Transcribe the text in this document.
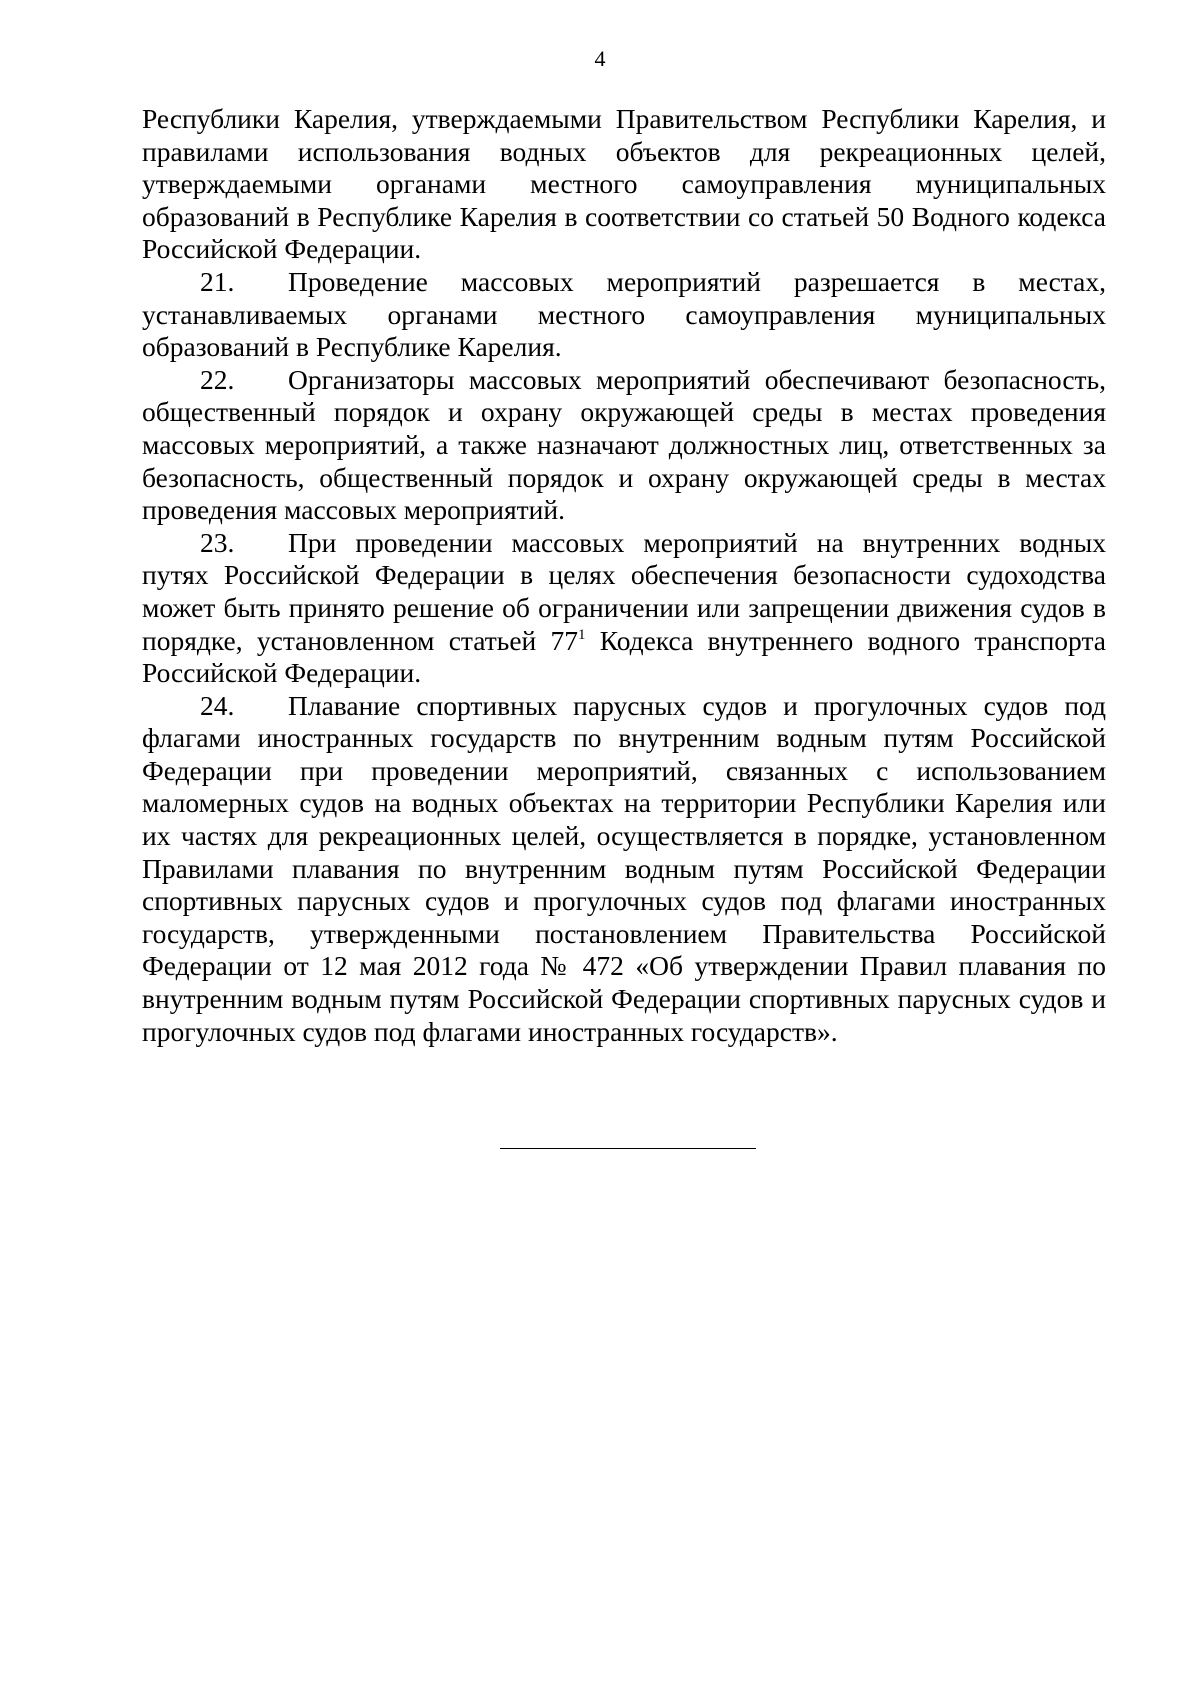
4

Республики Карелия, утверждаемыми Правительством Республики Карелия, и правилами использования водных объектов для рекреационных целей, утверждаемыми органами местного самоуправления муниципальных образований в Республике Карелия в соответствии со статьей 50 Водного кодекса Российской Федерации.

21. Проведение массовых мероприятий разрешается в местах, устанавливаемых органами местного самоуправления муниципальных образований в Республике Карелия.

22. Организаторы массовых мероприятий обеспечивают безопасность, общественный порядок и охрану окружающей среды в местах проведения массовых мероприятий, а также назначают должностных лиц, ответственных за безопасность, общественный порядок и охрану окружающей среды в местах проведения массовых мероприятий.

23. При проведении массовых мероприятий на внутренних водных путях Российской Федерации в целях обеспечения безопасности судоходства может быть принято решение об ограничении или запрещении движения судов в порядке, установленном статьей $77^1$ Кодекса внутреннего водного транспорта Российской Федерации.

24. Плавание спортивных парусных судов и прогулочных судов под флагами иностранных государств по внутренним водным путям Российской Федерации при проведении мероприятий, связанных с использованием маломерных судов на водных объектах на территории Республики Карелия или их частях для рекреационных целей, осуществляется в порядке, установленном Правилами плавания по внутренним водным путям Российской Федерации спортивных парусных судов и прогулочных судов под флагами иностранных государств, утвержденными постановлением Правительства Российской Федерации от 12 мая 2012 года № 472 «Об утверждении Правил плавания по внутренним водным путям Российской Федерации спортивных парусных судов и прогулочных судов под флагами иностранных государств».
